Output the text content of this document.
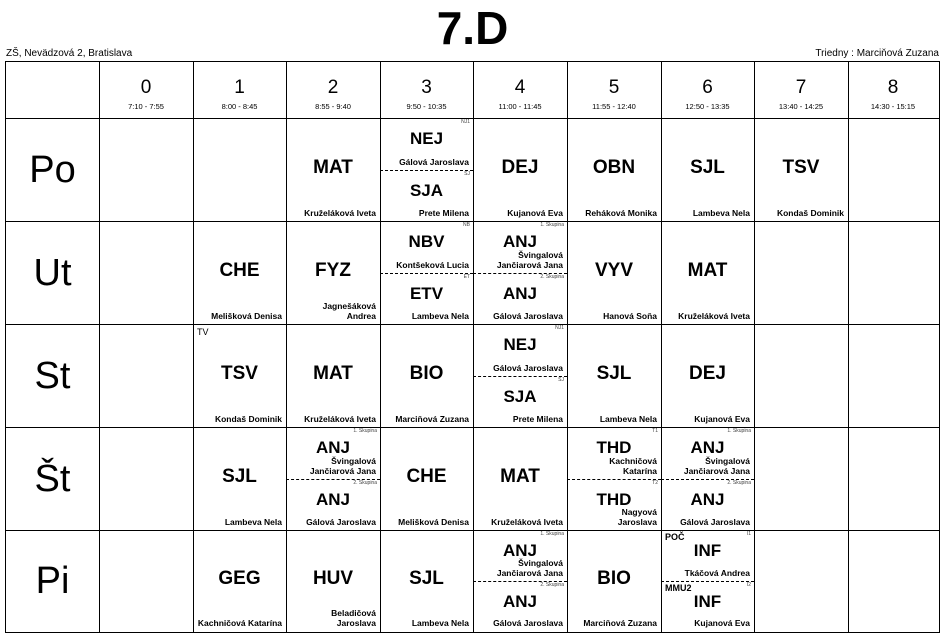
7.D
ZŠ, Nevädzová 2, Bratislava	Triedny : Marciňová Zuzana
0
7:10 - 7:55
1
8:00 - 8:45
2
8:55 - 9:40
3
9:50 - 10:35
4
11:00 - 11:45
5
11:55 - 12:40
6
12:50 - 13:35
7
13:40 - 14:25
8
14:30 - 15:15
Po
Ut
St
Št
Pi
MAT
Kruželáková Iveta
NJ1
NEJ
Gálová Jaroslava
SJ
SJA
Prete Milena
DEJ
Kujanová Eva
OBN
Reháková Monika
SJL
Lambeva Nela
TSV
Kondaš Dominik
CHE
Melišková Denisa
FYZ
Jagnešáková
Andrea
NB
NBV
Kontšeková Lucia
ET
ETV
Lambeva Nela
1. Skupina
ANJ
Švingalová
Jančiarová Jana
2. Skupina
ANJ
Gálová Jaroslava
VYV
Hanová Soňa
MAT
Kruželáková Iveta
TV
TSV
Kondaš Dominik
MAT
Kruželáková Iveta
BIO
Marciňová Zuzana
NJ1
NEJ
Gálová Jaroslava
SJ
SJA
Prete Milena
SJL
Lambeva Nela
DEJ
Kujanová Eva
SJL
Lambeva Nela
1. Skupina
ANJ
Švingalová
Jančiarová Jana
2. Skupina
ANJ
Gálová Jaroslava
CHE
Melišková Denisa
MAT
Kruželáková Iveta
T1
THD
Kachničová
Katarína
T2
THD
Nagyová
Jaroslava
1. Skupina
ANJ
Švingalová
Jančiarová Jana
2. Skupina
ANJ
Gálová Jaroslava
GEG
Kachničová Katarína
HUV
Beladičová
Jaroslava
SJL
Lambeva Nela
1. Skupina
ANJ
Švingalová
Jančiarová Jana
2. Skupina
ANJ
Gálová Jaroslava
BIO
Marciňová Zuzana
I1
POČ
INF
Tkáčová Andrea
I2
MMU2
INF
Kujanová Eva
